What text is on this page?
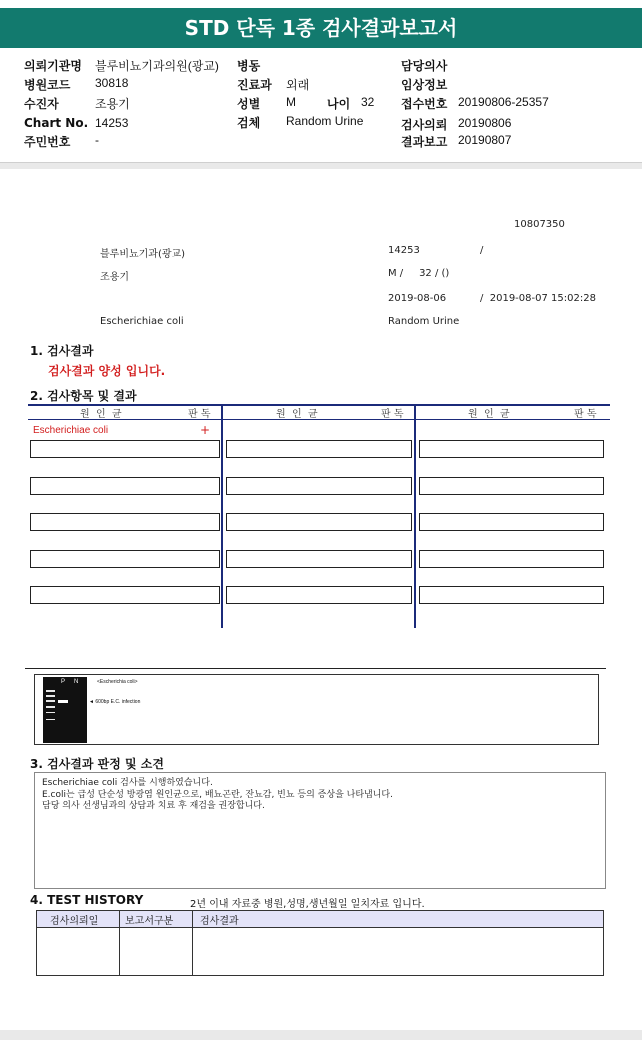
STD 단독 1종 검사결과보고서
의뢰기관명 블루비뇨기과의원(광교) 병동	담당의사
병원코드 30818	진료과 외래	임상정보
수진자	조용기	성별 M	나이 32 접수번호 20190806-25357
Chart No. 14253	검체 Random Urine	검사의뢰 20190806
주민번호 -	결과보고 20190807
10807350
블루비뇨기과(광교)	14253	/
조용기	M /     32 / ()
2019-08-06	/  2019-08-07 15:02:28
Escherichiae coli	Random Urine
1. 검사결과
검사결과 양성 입니다.
2. 검사항목 및 결과
원  인  균	판 독	원  인  균	판 독	원  인  균	판 독
Escherichiae coli	+
P N	<Escherichia coli>
◄ 600bp E.C. infection
3. 검사결과 판정 및 소견
Escherichiae coli 검사를 시행하였습니다.
E.coli는 급성 단순성 방광염 원인균으로, 배뇨곤란, 잔뇨감, 빈뇨 등의 증상을 나타냅니다.
담당 의사 선생님과의 상담과 치료 후 재검을 권장합니다.
4. TEST HISTORY	2년 이내 자료중 병원,성명,생년월일 일치자료 입니다.
검사의뢰일	보고서구분	검사결과
